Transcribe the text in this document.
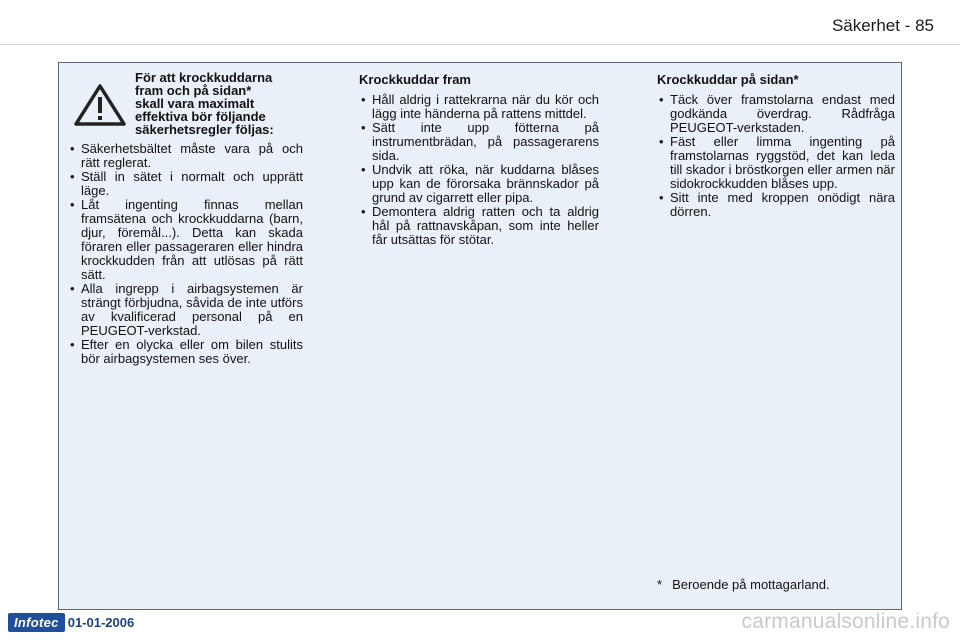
Säkerhet - 85
För att krockkuddarna
fram och på sidan*
skall vara maximalt
effektiva bör följande
säkerhetsregler följas:
• Säkerhetsbältet måste vara på och rätt reglerat.
• Ställ in sätet i normalt och upprätt läge.
• Låt ingenting finnas mellan framsätena och krockkuddarna (barn, djur, föremål...). Detta kan skada föraren eller passageraren eller hindra krockkudden från att utlösas på rätt sätt.
• Alla ingrepp i airbagsystemen är strängt förbjudna, såvida de inte utförs av kvalificerad personal på en PEUGEOT-verkstad.
• Efter en olycka eller om bilen stulits bör airbagsystemen ses över.
Krockkuddar fram
• Håll aldrig i rattekrarna när du kör och lägg inte händerna på rattens mittdel.
• Sätt inte upp fötterna på instrumentbrädan, på passagerarens sida.
• Undvik att röka, när kuddarna blåses upp kan de förorsaka brännskador på grund av cigarrett eller pipa.
• Demontera aldrig ratten och ta aldrig hål på rattnavskåpan, som inte heller får utsättas för stötar.
Krockkuddar på sidan*
• Täck över framstolarna endast med godkända överdrag. Rådfråga PEUGEOT-verkstaden.
• Fäst eller limma ingenting på framstolarnas ryggstöd, det kan leda till skador i bröstkorgen eller armen när sidokrockkudden blåses upp.
• Sitt inte med kroppen onödigt nära dörren.
* Beroende på mottagarland.
Infotec 01-01-2006	carmanualsonline.info
